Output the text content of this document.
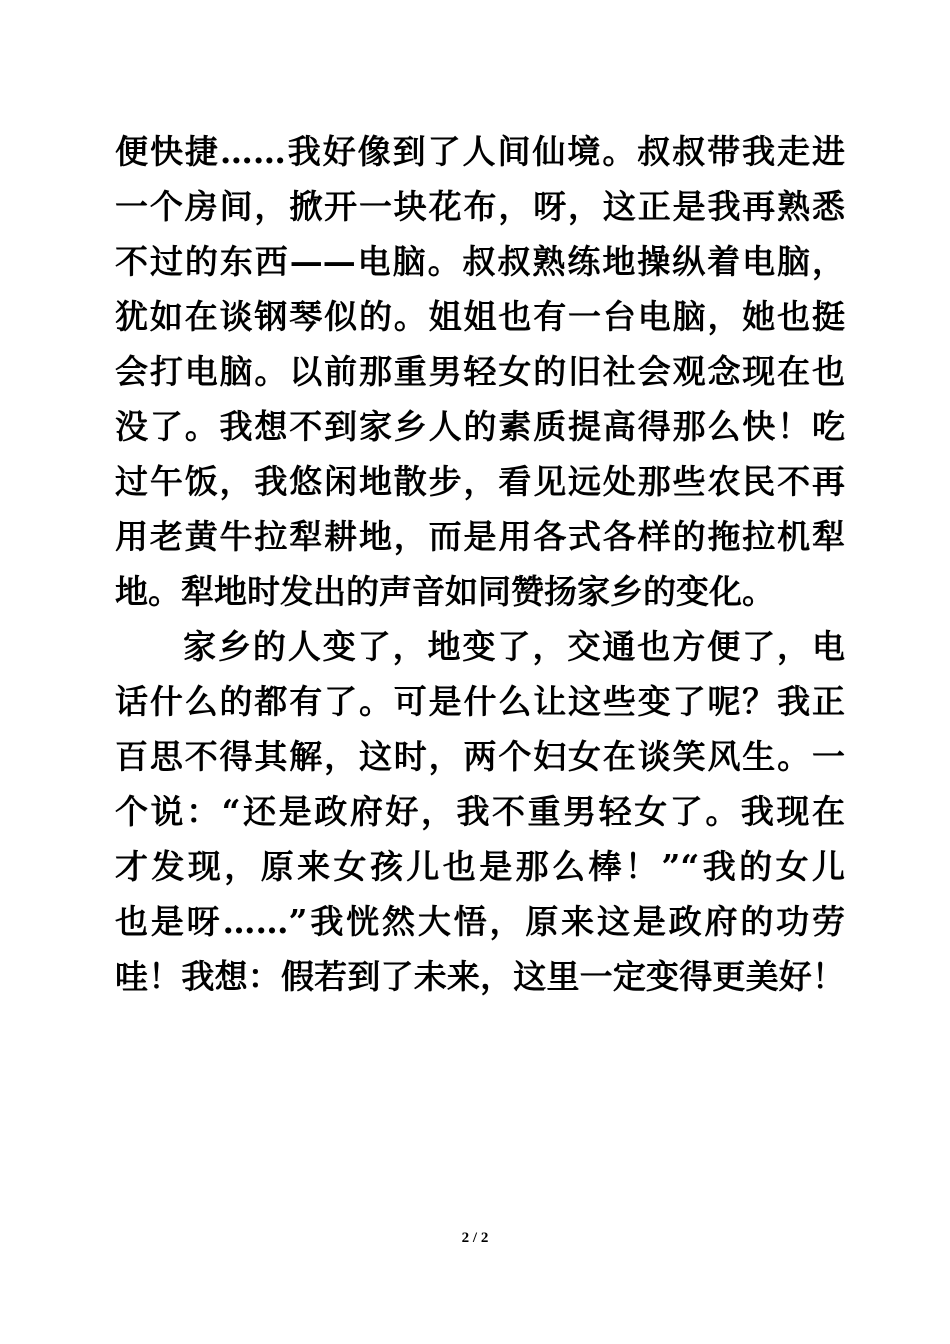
便快捷……我好像到了人间仙境。叔叔带我走进
一个房间，掀开一块花布，呀，这正是我再熟悉
不过的东西——电脑。叔叔熟练地操纵着电脑，
犹如在谈钢琴似的。姐姐也有一台电脑，她也挺
会打电脑。以前那重男轻女的旧社会观念现在也
没了。我想不到家乡人的素质提高得那么快！吃
过午饭，我悠闲地散步，看见远处那些农民不再
用老黄牛拉犁耕地，而是用各式各样的拖拉机犁
地。犁地时发出的声音如同赞扬家乡的变化。
家乡的人变了，地变了，交通也方便了，电
话什么的都有了。可是什么让这些变了呢？我正
百思不得其解，这时，两个妇女在谈笑风生。一
个说：“还是政府好，我不重男轻女了。我现在
才发现，原来女孩儿也是那么棒！”“我的女儿
也是呀……”我恍然大悟，原来这是政府的功劳
哇！我想：假若到了未来，这里一定变得更美好！
2 / 2
